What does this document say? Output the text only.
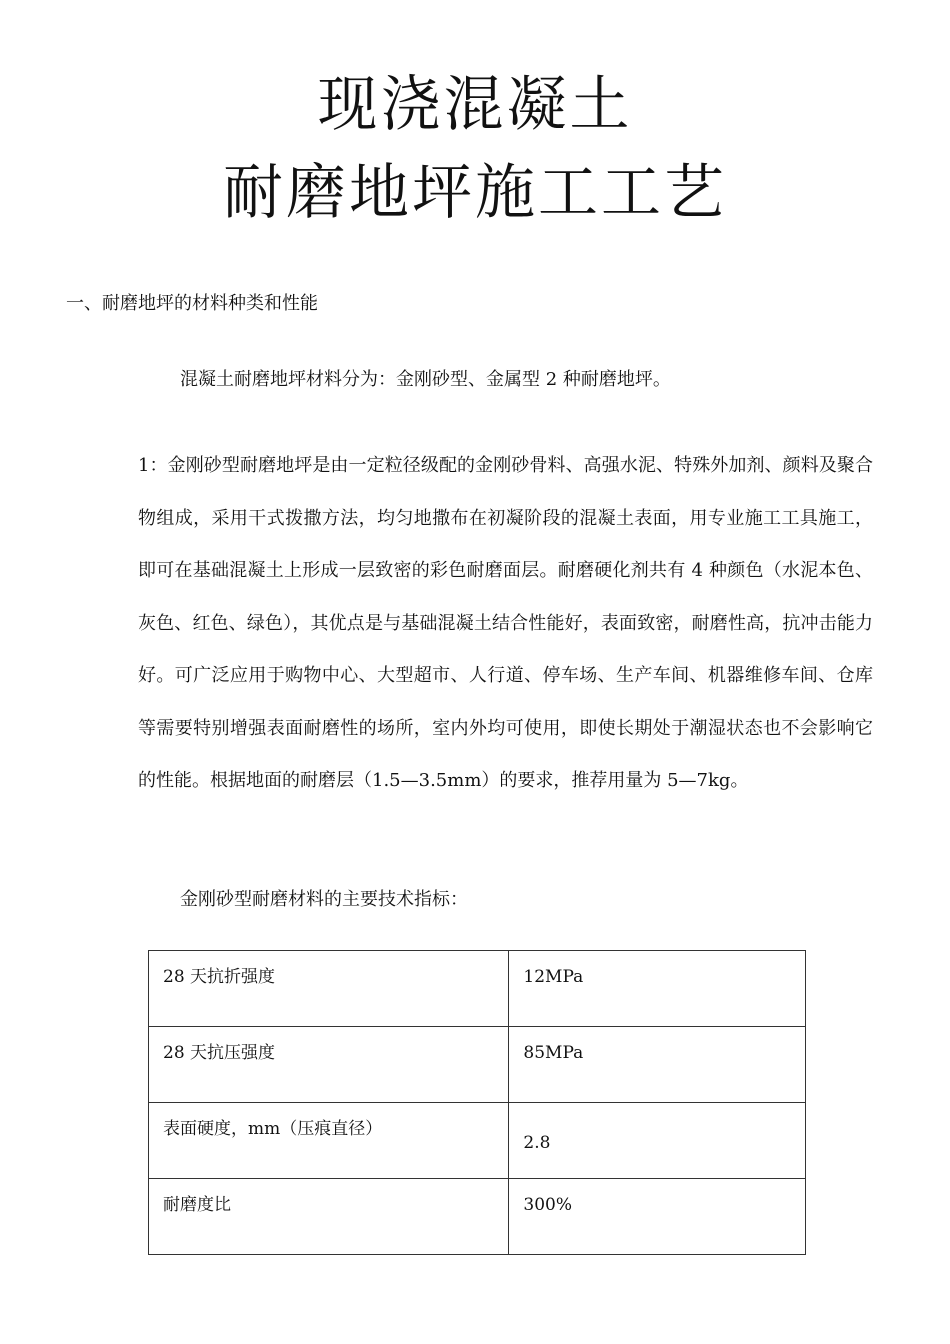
现浇混凝土
耐磨地坪施工工艺
一、耐磨地坪的材料种类和性能

混凝土耐磨地坪材料分为：金刚砂型、金属型 2 种耐磨地坪。

1：金刚砂型耐磨地坪是由一定粒径级配的金刚砂骨料、高强水泥、特殊外加剂、颜料及聚合物组成，采用干式拨撒方法，均匀地撒布在初凝阶段的混凝土表面，用专业施工工具施工，即可在基础混凝土上形成一层致密的彩色耐磨面层。耐磨硬化剂共有 4 种颜色（水泥本色、灰色、红色、绿色），其优点是与基础混凝土结合性能好，表面致密，耐磨性高，抗冲击能力好。可广泛应用于购物中心、大型超市、人行道、停车场、生产车间、机器维修车间、仓库等需要特别增强表面耐磨性的场所，室内外均可使用，即使长期处于潮湿状态也不会影响它的性能。根据地面的耐磨层（1.5—3.5mm）的要求，推荐用量为 5—7kg。

金刚砂型耐磨材料的主要技术指标：

28 天抗折强度	12MPa
28 天抗压强度	85MPa
表面硬度，mm（压痕直径）	2.8
耐磨度比	300%
